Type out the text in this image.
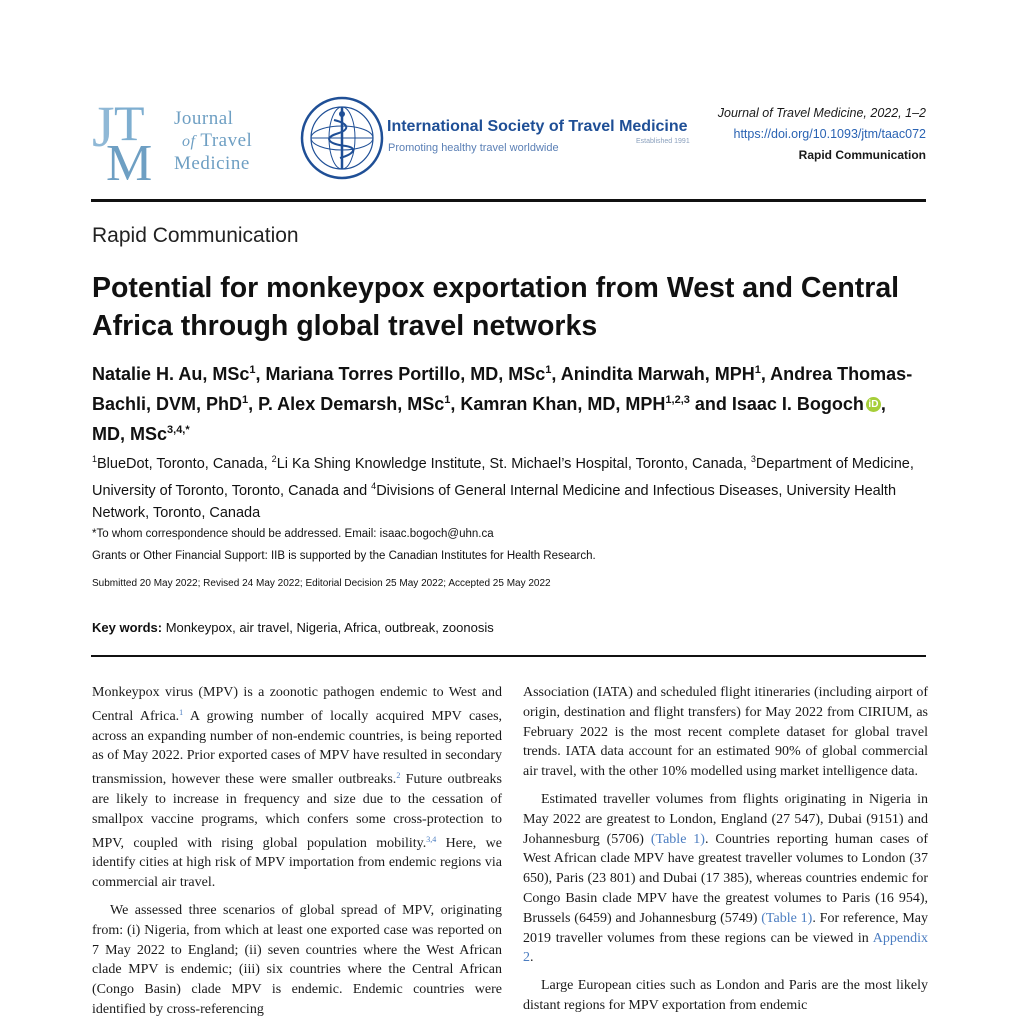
J T
M
Journal
of Travel
Medicine
International Society of Travel Medicine
Promoting healthy travel worldwide
Established 1991
Journal of Travel Medicine, 2022, 1–2
https://doi.org/10.1093/jtm/taac072
Rapid Communication
Rapid Communication
Potential for monkeypox exportation from West and Central Africa through global travel networks
Natalie H. Au, MSc$^1$, Mariana Torres Portillo, MD, MSc$^1$, Anindita Marwah, MPH$^1$, Andrea Thomas-Bachli, DVM, PhD$^1$, P. Alex Demarsh, MSc$^1$, Kamran Khan, MD, MPH$^{1,2,3}$ and Isaac I. Bogoch iD , MD, MSc$^{3,4,*}$
$^1$BlueDot, Toronto, Canada, $^2$Li Ka Shing Knowledge Institute, St. Michael’s Hospital, Toronto, Canada, $^3$Department of Medicine, University of Toronto, Toronto, Canada and $^4$Divisions of General Internal Medicine and Infectious Diseases, University Health Network, Toronto, Canada
*To whom correspondence should be addressed. Email: isaac.bogoch@uhn.ca
Grants or Other Financial Support: IIB is supported by the Canadian Institutes for Health Research.
Submitted 20 May 2022; Revised 24 May 2022; Editorial Decision 25 May 2022; Accepted 25 May 2022
Key words: Monkeypox, air travel, Nigeria, Africa, outbreak, zoonosis

Monkeypox virus (MPV) is a zoonotic pathogen endemic to West and Central Africa.$^1$ A growing number of locally acquired MPV cases, across an expanding number of non-endemic countries, is being reported as of May 2022. Prior exported cases of MPV have resulted in secondary transmission, however these were smaller outbreaks.$^2$ Future outbreaks are likely to increase in frequency and size due to the cessation of smallpox vaccine programs, which confers some cross-protection to MPV, coupled with rising global population mobility.$^{3,4}$ Here, we identify cities at high risk of MPV importation from endemic regions via commercial air travel.

We assessed three scenarios of global spread of MPV, originating from: (i) Nigeria, from which at least one exported case was reported on 7 May 2022 to England; (ii) seven countries where the West African clade MPV is endemic; (iii) six countries where the Central African (Congo Basin) clade MPV is endemic. Endemic countries were identified by cross-referencing

Association (IATA) and scheduled flight itineraries (including airport of origin, destination and flight transfers) for May 2022 from CIRIUM, as February 2022 is the most recent complete dataset for global travel trends. IATA data account for an estimated 90% of global commercial air travel, with the other 10% modelled using market intelligence data.

Estimated traveller volumes from flights originating in Nigeria in May 2022 are greatest to London, England (27 547), Dubai (9151) and Johannesburg (5706) (Table 1). Countries reporting human cases of West African clade MPV have greatest traveller volumes to London (37 650), Paris (23 801) and Dubai (17 385), whereas countries endemic for Congo Basin clade MPV have the greatest volumes to Paris (16 954), Brussels (6459) and Johannesburg (5749) (Table 1). For reference, May 2019 traveller volumes from these regions can be viewed in Appendix 2.

Large European cities such as London and Paris are the most likely distant regions for MPV exportation from endemic
